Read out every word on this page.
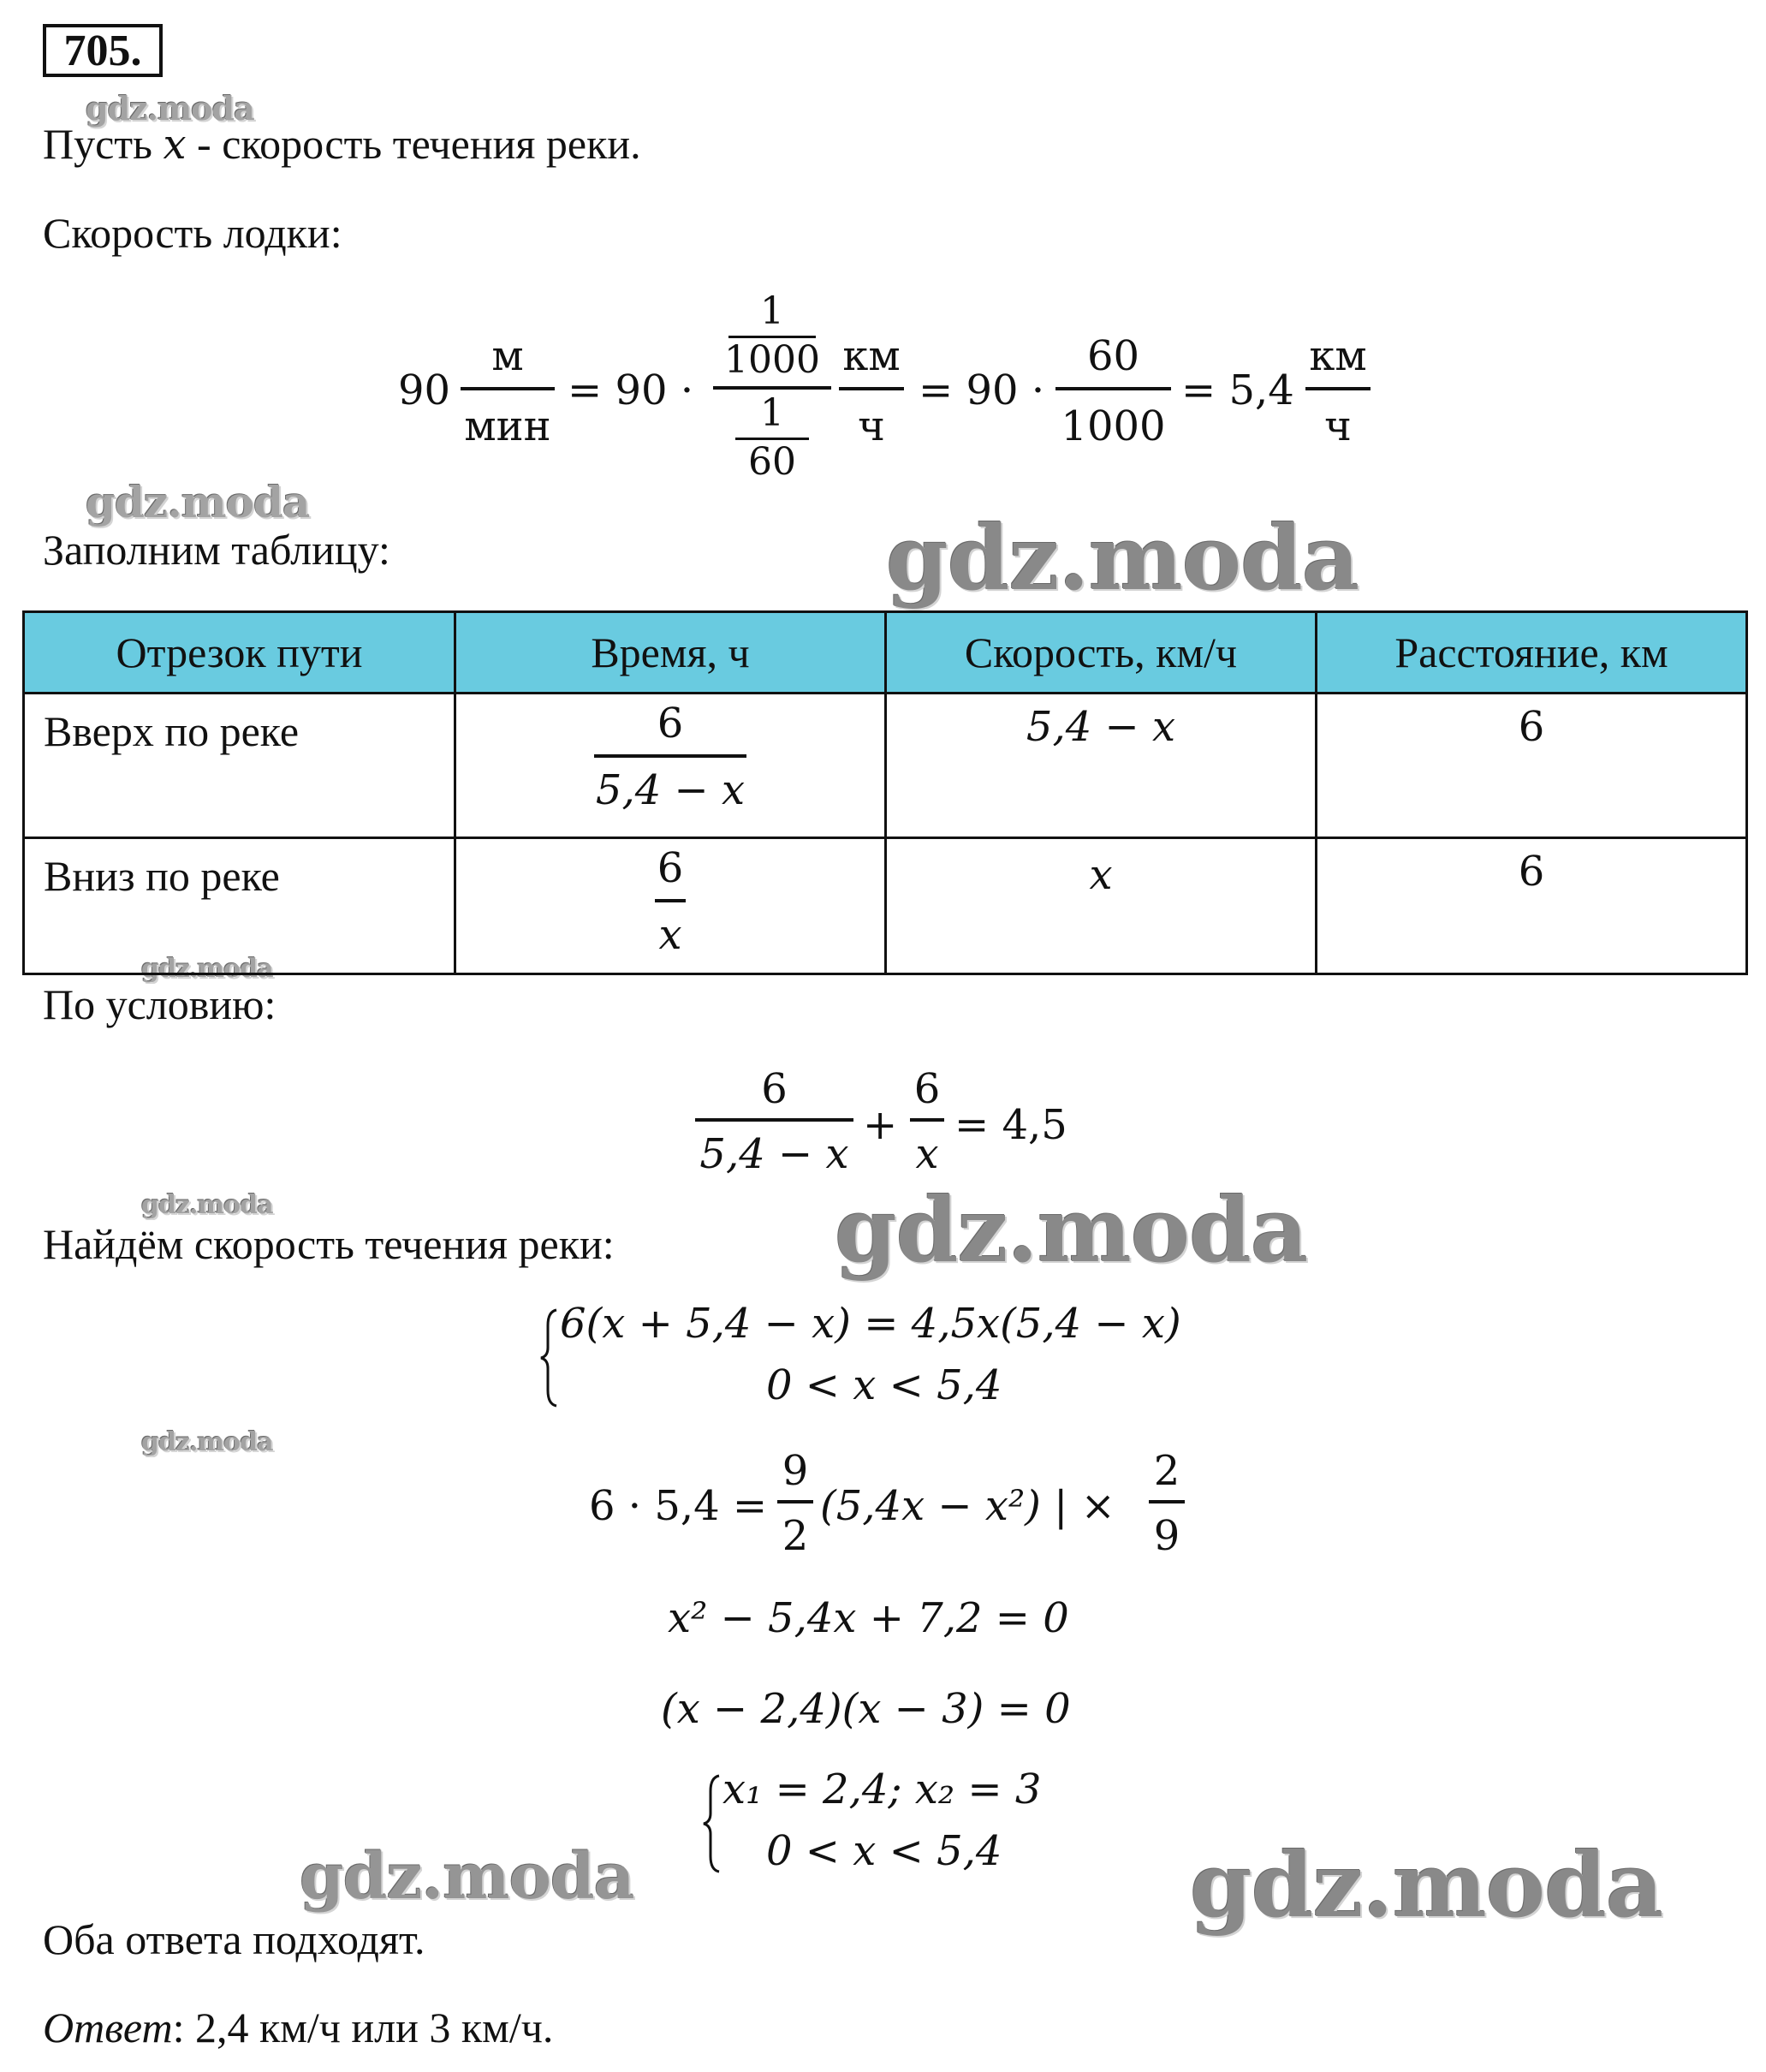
705.
gdz.moda
gdz.moda
gdz.moda
gdz.moda
gdz.moda
gdz.moda
gdz.moda
gdz.moda	gdz.moda
Пусть x - скорость течения реки.
Скорость лодки:
90
м
мин
= 90 ·
1
1000
1
60
км
ч
= 90 ·
60
1000
= 5,4
км
ч
Заполним таблицу:
Отрезок пути	Время, ч	Скорость, км/ч	Расстояние, км

Вверх по реке	$\frac{6}{5,4 - x}$	5,4 − x	6

Вниз по реке	$\frac{6}{x}$	x	6
По условию:
6
5,4 − x
+
6
x
= 4,5
Найдём скорость течения реки:
6(x + 5,4 − x) = 4,5x(5,4 − x)
0 < x < 5,4
6 · 5,4 =
9
2
(5,4x − x²) | ×
2
9
x² − 5,4x + 7,2 = 0
(x − 2,4)(x − 3) = 0
x₁ = 2,4; x₂ = 3
0 < x < 5,4
Оба ответа подходят.
Ответ: 2,4 км/ч или 3 км/ч.
